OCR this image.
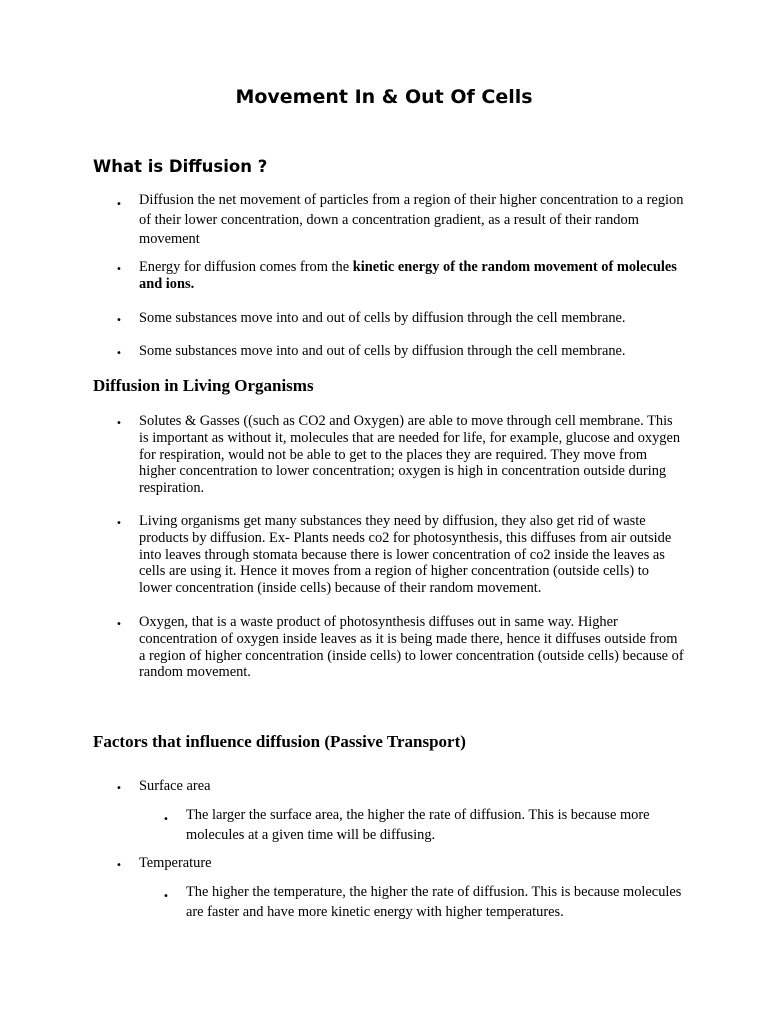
Movement In & Out Of Cells
What is Diffusion ?

• Diffusion the net movement of particles from a region of their higher concentration to a region of their lower concentration, down a concentration gradient, as a result of their random movement

• Energy for diffusion comes from the kinetic energy of the random movement of molecules and ions.

• Some substances move into and out of cells by diffusion through the cell membrane.

• Some substances move into and out of cells by diffusion through the cell membrane.

Diffusion in Living Organisms

• Solutes & Gasses ((such as CO2 and Oxygen) are able to move through cell membrane. This is important as without it, molecules that are needed for life, for example, glucose and oxygen for respiration, would not be able to get to the places they are required. They move from higher concentration to lower concentration; oxygen is high in concentration outside during respiration.

• Living organisms get many substances they need by diffusion, they also get rid of waste products by diffusion. Ex- Plants needs co2 for photosynthesis, this diffuses from air outside into leaves through stomata because there is lower concentration of co2 inside the leaves as cells are using it. Hence it moves from a region of higher concentration (outside cells) to lower concentration (inside cells) because of their random movement.

• Oxygen, that is a waste product of photosynthesis diffuses out in same way. Higher concentration of oxygen inside leaves as it is being made there, hence it diffuses outside from a region of higher concentration (inside cells) to lower concentration (outside cells) because of random movement.

Factors that influence diffusion (Passive Transport)

• Surface area

• The larger the surface area, the higher the rate of diffusion. This is because more molecules at a given time will be diffusing.

• Temperature

• The higher the temperature, the higher the rate of diffusion. This is because molecules are faster and have more kinetic energy with higher temperatures.
